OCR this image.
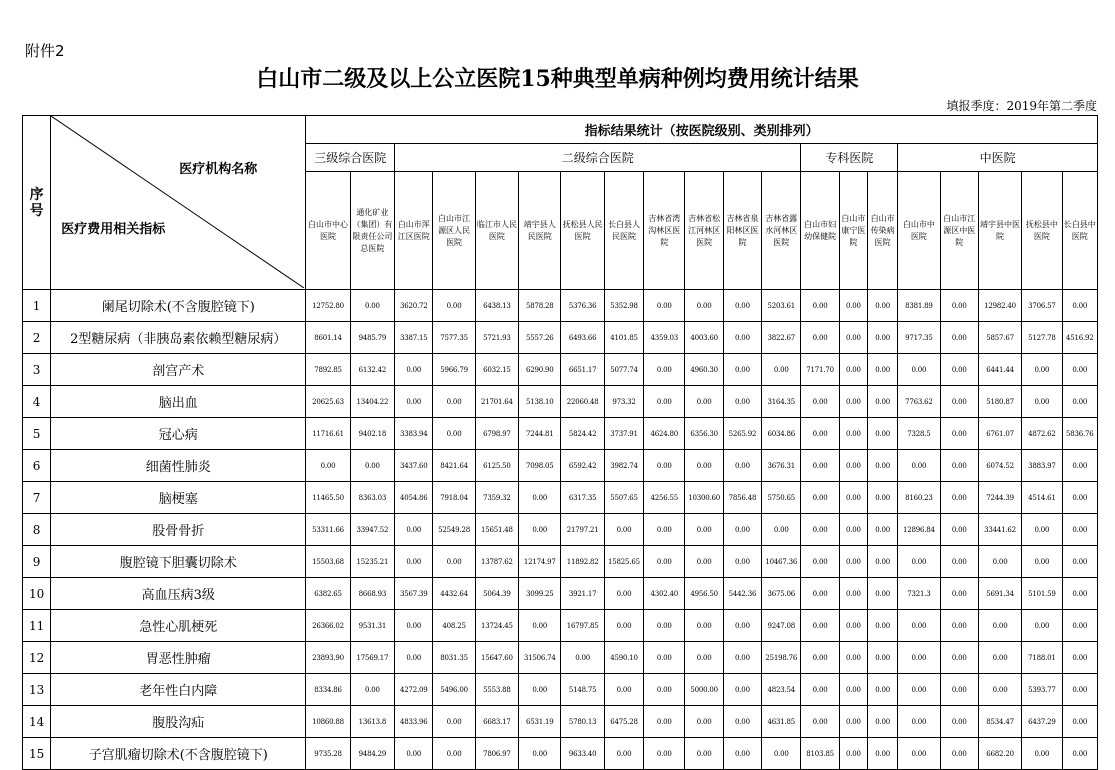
附件2
白山市二级及以上公立医院15种典型单病种例均费用统计结果
填报季度：2019年第二季度
序号	医疗机构名称
医疗费用相关指标	指标结果统计（按医院级别、类别排列）																			
		三级综合医院		二级综合医院										专科医院			中医院				
		白山市中心医院	通化矿业（集团）有限责任公司总医院	白山市浑江区医院	白山市江源区人民医院	临江市人民医院	靖宇县人民医院	抚松县人民医院	长白县人民医院	吉林省湾沟林区医院	吉林省松江河林区医院	吉林省泉阳林区医院	吉林省露水河林区医院	白山市妇幼保健院	白山市康宁医院	白山市传染病医院	白山市中医院	白山市江源区中医院	靖宇县中医院	抚松县中医院	长白县中医院
1	阑尾切除术(不含腹腔镜下)	12752.80	0.00	3620.72	0.00	6438.13	5878.28	5376.36	5352.98	0.00	0.00	0.00	5203.61	0.00	0.00	0.00	8381.89	0.00	12982.40	3706.57	0.00
2	2型糖尿病（非胰岛素依赖型糖尿病）	8601.14	9485.79	3387.15	7577.35	5721.93	5557.26	6493.66	4101.85	4359.03	4003.60	0.00	3822.67	0.00	0.00	0.00	9717.35	0.00	5857.67	5127.78	4516.92
3	剖宫产术	7892.85	6132.42	0.00	5966.79	6032.15	6290.90	6651.17	5077.74	0.00	4960.30	0.00	0.00	7171.70	0.00	0.00	0.00	0.00	6441.44	0.00	0.00
4	脑出血	20625.63	13404.22	0.00	0.00	21701.64	5138.10	22060.48	973.32	0.00	0.00	0.00	3164.35	0.00	0.00	0.00	7763.62	0.00	5180.87	0.00	0.00
5	冠心病	11716.61	9402.18	3383.94	0.00	6798.97	7244.81	5824.42	3737.91	4624.80	6356.30	5265.92	6034.86	0.00	0.00	0.00	7328.5	0.00	6761.07	4872.62	5836.76
6	细菌性肺炎	0.00	0.00	3437.60	8421.64	6125.50	7098.05	6592.42	3982.74	0.00	0.00	0.00	3676.31	0.00	0.00	0.00	0.00	0.00	6074.52	3883.97	0.00
7	脑梗塞	11465.50	8363.03	4054.86	7918.04	7359.32	0.00	6317.35	5507.65	4256.55	10300.60	7856.48	5750.65	0.00	0.00	0.00	8160.23	0.00	7244.39	4514.61	0.00
8	股骨骨折	53311.66	33947.52	0.00	52549.28	15651.48	0.00	21797.21	0.00	0.00	0.00	0.00	0.00	0.00	0.00	0.00	12896.84	0.00	33441.62	0.00	0.00
9	腹腔镜下胆囊切除术	15503.68	15235.21	0.00	0.00	13787.62	12174.97	11892.82	15825.65	0.00	0.00	0.00	10467.36	0.00	0.00	0.00	0.00	0.00	0.00	0.00	0.00
10	高血压病3级	6382.65	8668.93	3567.39	4432.64	5064.39	3099.25	3921.17	0.00	4302.40	4956.50	5442.36	3675.06	0.00	0.00	0.00	7321.3	0.00	5691.34	5101.59	0.00
11	急性心肌梗死	26366.02	9531.31	0.00	408.25	13724.45	0.00	16797.85	0.00	0.00	0.00	0.00	9247.08	0.00	0.00	0.00	0.00	0.00	0.00	0.00	0.00
12	胃恶性肿瘤	23893.90	17569.17	0.00	8031.35	15647.60	31506.74	0.00	4590.10	0.00	0.00	0.00	25198.76	0.00	0.00	0.00	0.00	0.00	0.00	7188.01	0.00
13	老年性白内障	8334.86	0.00	4272.09	5496.00	5553.88	0.00	5148.75	0.00	0.00	5000.00	0.00	4823.54	0.00	0.00	0.00	0.00	0.00	0.00	5393.77	0.00
14	腹股沟疝	10860.88	13613.8	4833.96	0.00	6683.17	6531.19	5780.13	6475.28	0.00	0.00	0.00	4631.85	0.00	0.00	0.00	0.00	0.00	8534.47	6437.29	0.00
15	子宫肌瘤切除术(不含腹腔镜下)	9735.28	9484.29	0.00	0.00	7806.97	0.00	9633.40	0.00	0.00	0.00	0.00	0.00	8103.85	0.00	0.00	0.00	0.00	6682.20	0.00	0.00
